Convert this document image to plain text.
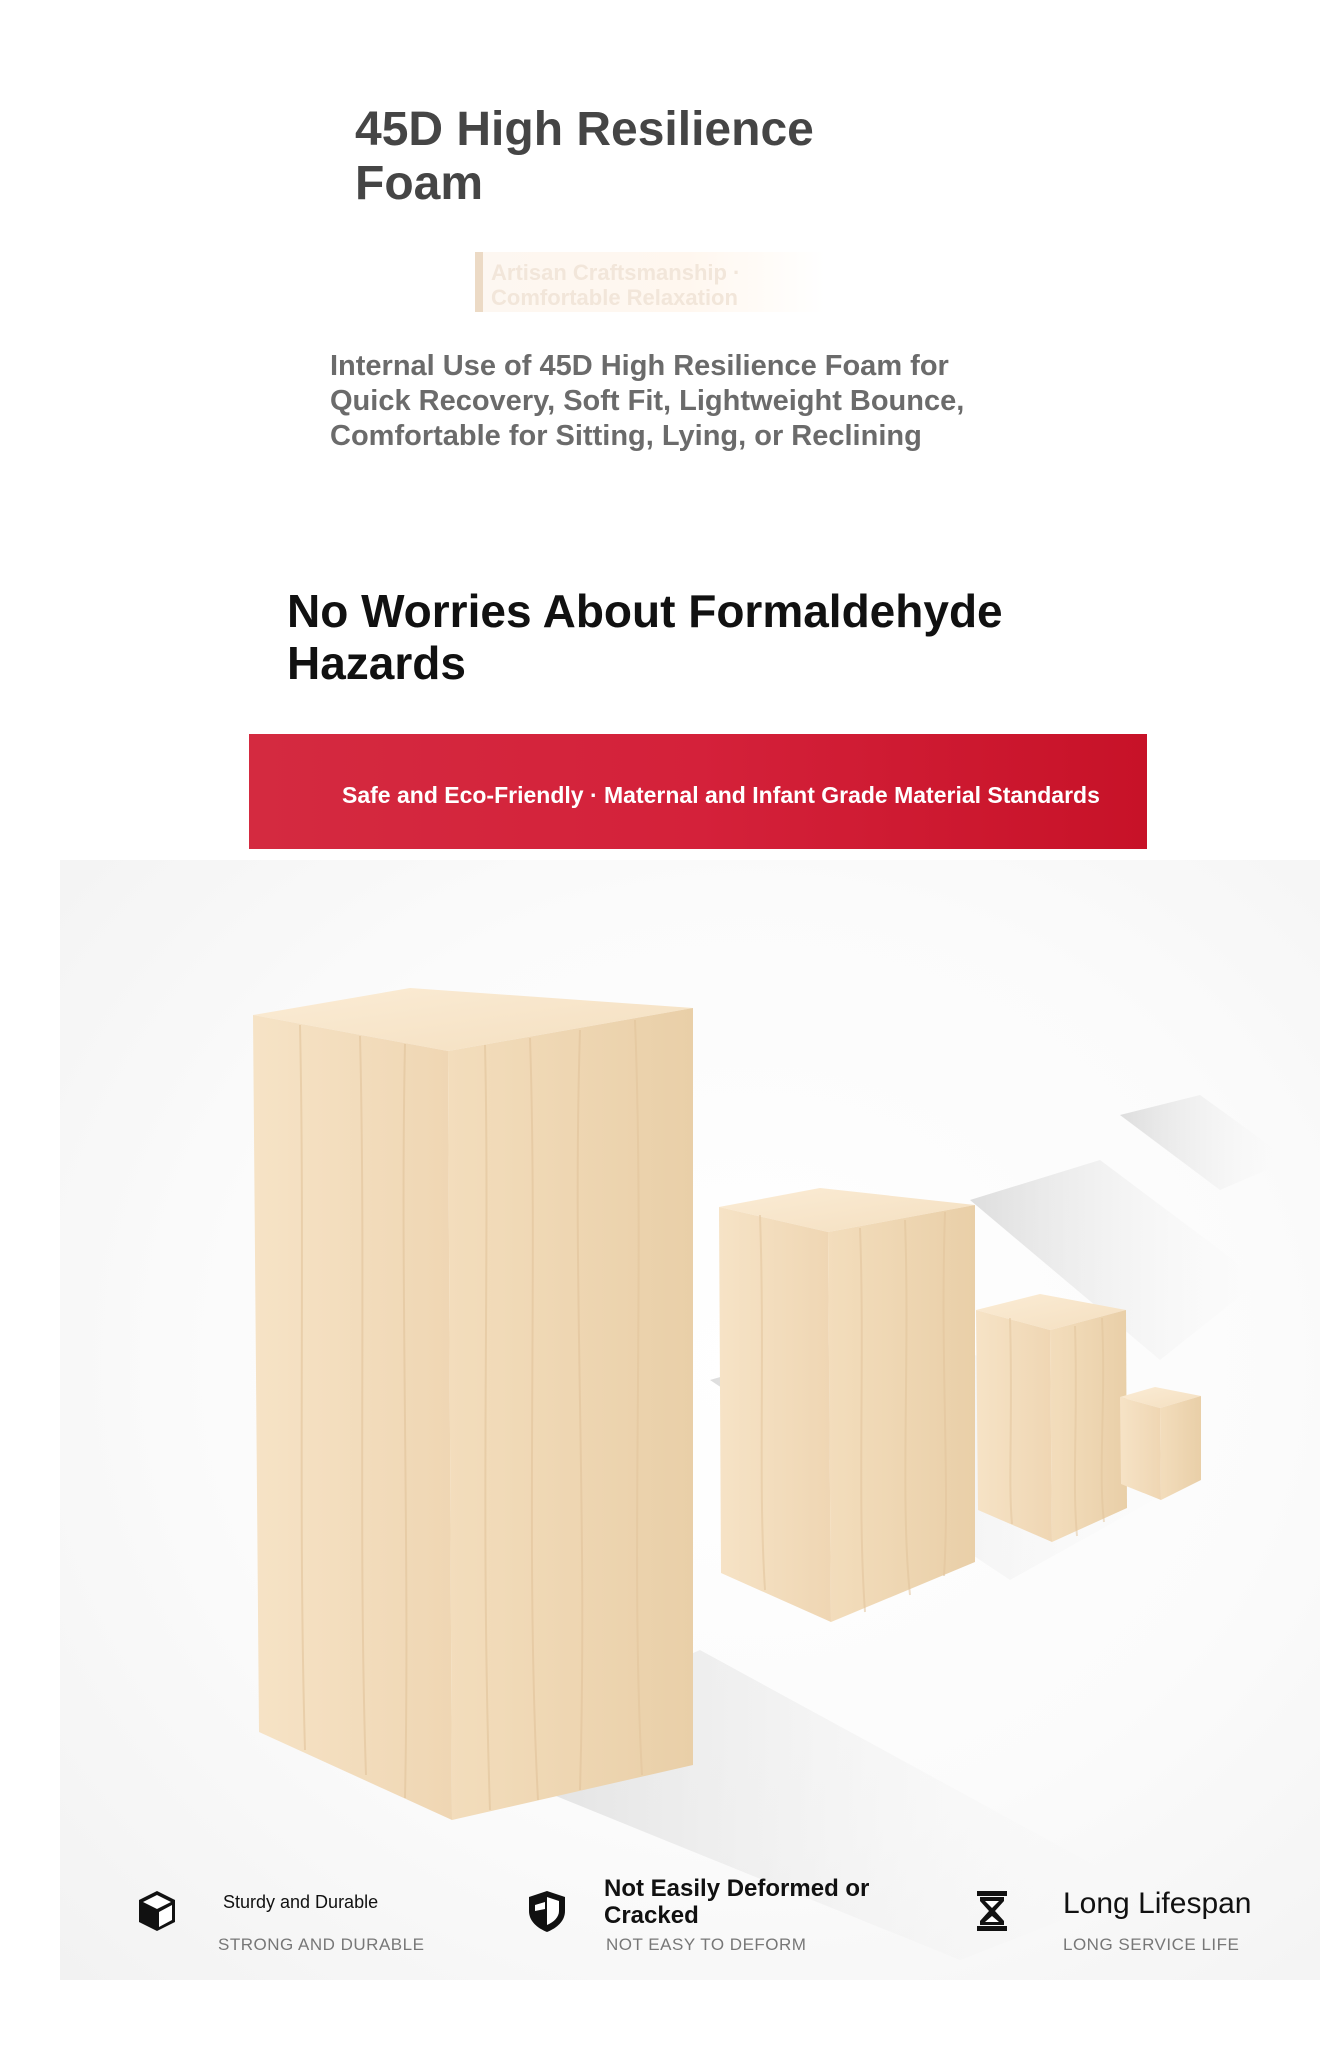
45D High Resilience Foam
Artisan Craftsmanship · Comfortable Relaxation

Internal Use of 45D High Resilience Foam for Quick Recovery, Soft Fit, Lightweight Bounce, Comfortable for Sitting, Lying, or Reclining

No Worries About Formaldehyde Hazards
Safe and Eco-Friendly · Maternal and Infant Grade Material Standards
Sturdy and Durable
STRONG AND DURABLE
Not Easily Deformed or Cracked
NOT EASY TO DEFORM
Long Lifespan
LONG SERVICE LIFE
